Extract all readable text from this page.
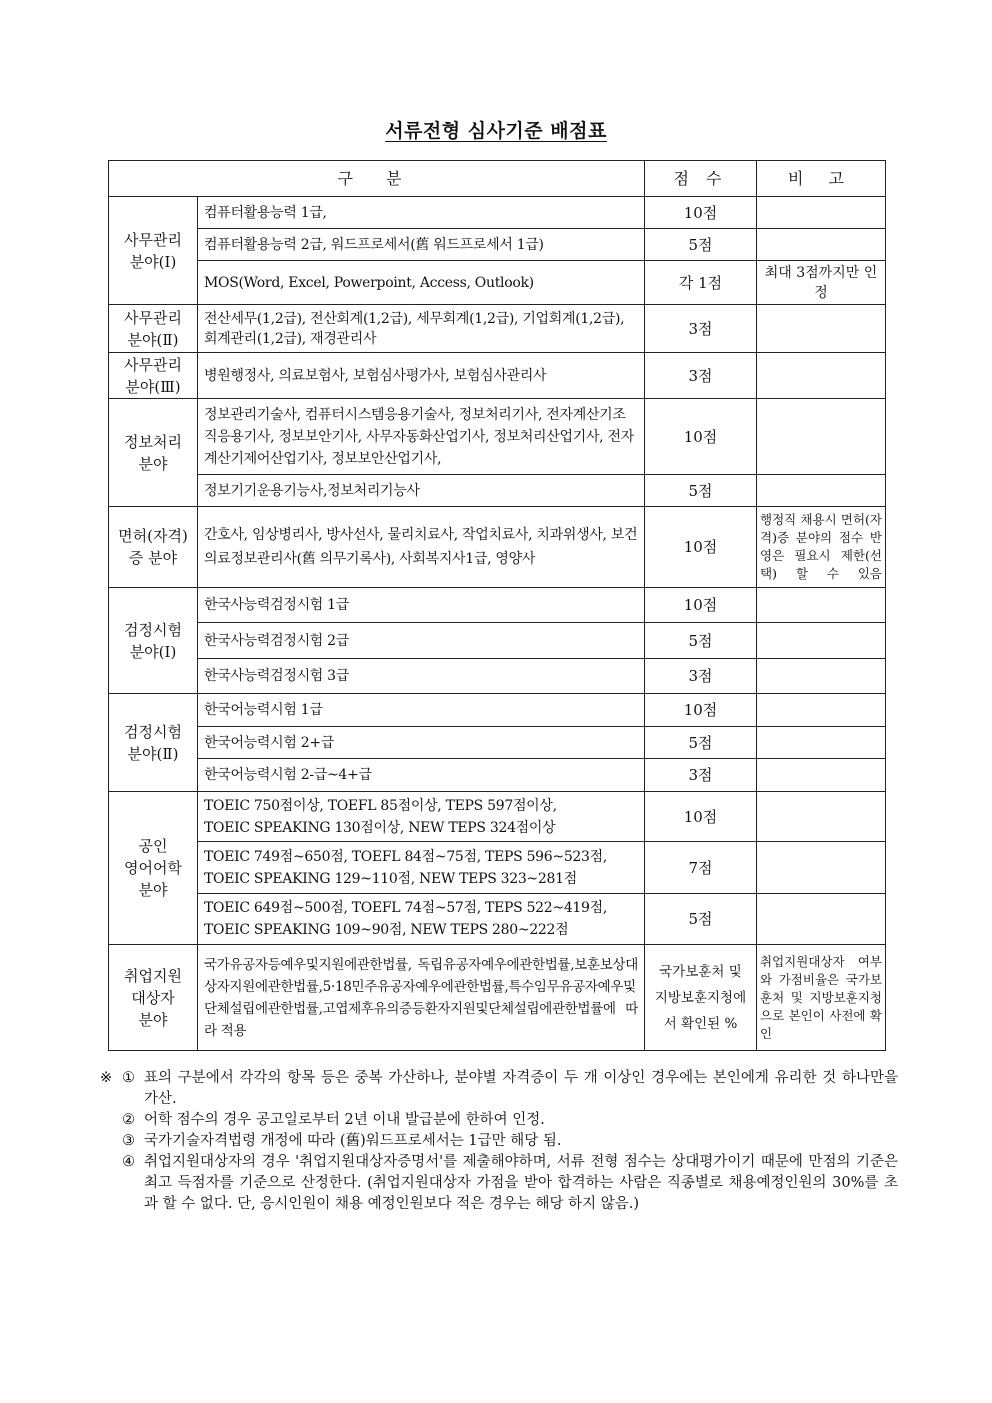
서류전형 심사기준 배점표
구 분		점 수	비 고
사무관리
분야(Ⅰ)	컴퓨터활용능력 1급,	10점	
	컴퓨터활용능력 2급, 워드프로세서(舊 워드프로세서 1급)	5점	
	MOS(Word, Excel, Powerpoint, Access, Outlook)	각 1점	최대 3점까지만 인정
사무관리
분야(Ⅱ)	전산세무(1,2급), 전산회계(1,2급), 세무회계(1,2급), 기업회계(1,2급), 회계관리(1,2급), 재경관리사	3점	
사무관리
분야(Ⅲ)	병원행정사, 의료보험사, 보험심사평가사, 보험심사관리사	3점	
정보처리
분야	정보관리기술사, 컴퓨터시스템응용기술사, 정보처리기사, 전자계산기조직응용기사, 정보보안기사, 사무자동화산업기사, 정보처리산업기사, 전자계산기제어산업기사, 정보보안산업기사,	10점	
	정보기기운용기능사,정보처리기능사	5점	
면허(자격)
증 분야	간호사, 임상병리사, 방사선사, 물리치료사, 작업치료사, 치과위생사, 보건의료정보관리사(舊 의무기록사), 사회복지사1급, 영양사	10점	행정직 채용시 면허(자격)증 분야의 점수 반영은 필요시 제한(선택) 할 수 있음
검정시험
분야(Ⅰ)	한국사능력검정시험 1급	10점	
	한국사능력검정시험 2급	5점	
	한국사능력검정시험 3급	3점	
검정시험
분야(Ⅱ)	한국어능력시험 1급	10점	
	한국어능력시험 2+급	5점	
	한국어능력시험 2-급~4+급	3점	
공인
영어어학
분야	TOEIC 750점이상, TOEFL 85점이상, TEPS 597점이상,
TOEIC SPEAKING 130점이상, NEW TEPS 324점이상	10점	
	TOEIC 749점~650점, TOEFL 84점~75점, TEPS 596~523점,
TOEIC SPEAKING 129~110점, NEW TEPS 323~281점	7점	
	TOEIC 649점~500점, TOEFL 74점~57점, TEPS 522~419점,
TOEIC SPEAKING 109~90점, NEW TEPS 280~222점	5점	
취업지원
대상자
분야	국가유공자등예우및지원에관한법률, 독립유공자예우에관한법률,보훈보상대상자지원에관한법률,5·18민주유공자예우에관한법률,특수임무유공자예우및단체설립에관한법률,고엽제후유의증등환자지원및단체설립에관한법률에 따라 적용	국가보훈처 및 지방보훈지청에서 확인된 %	취업지원대상자 여부와 가점비율은 국가보훈처 및 지방보훈지청으로 본인이 사전에 확인
※ ① 표의 구분에서 각각의 항목 등은 중복 가산하나, 분야별 자격증이 두 개 이상인 경우에는 본인에게 유리한 것 하나만을 가산.
② 어학 점수의 경우 공고일로부터 2년 이내 발급분에 한하여 인정.
③ 국가기술자격법령 개정에 따라 (舊)워드프로세서는 1급만 해당 됨.
④ 취업지원대상자의 경우 '취업지원대상자증명서'를 제출해야하며, 서류 전형 점수는 상대평가이기 때문에 만점의 기준은 최고 득점자를 기준으로 산정한다. (취업지원대상자 가점을 받아 합격하는 사람은 직종별로 채용예정인원의 30%를 초과 할 수 없다. 단, 응시인원이 채용 예정인원보다 적은 경우는 해당 하지 않음.)
